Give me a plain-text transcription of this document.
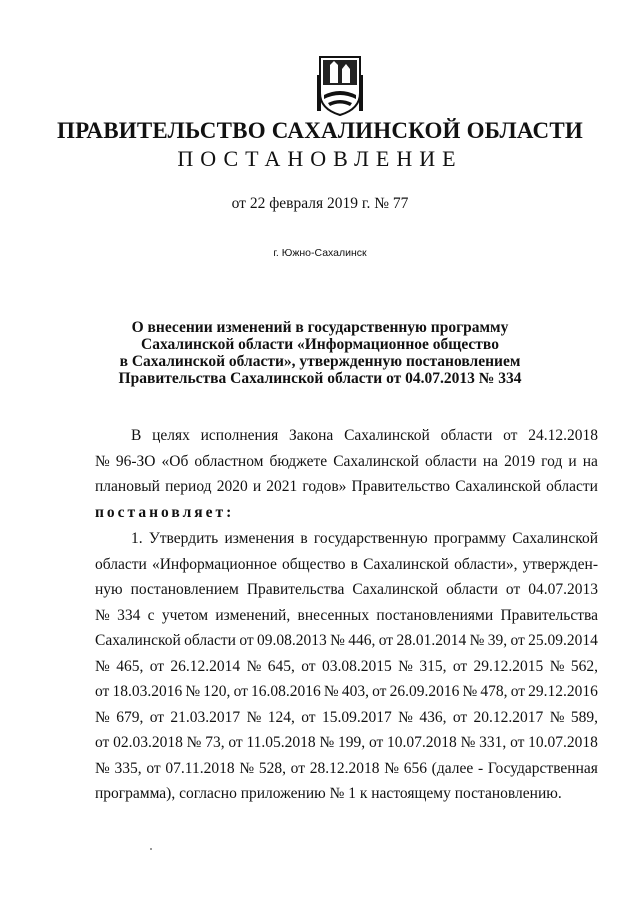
ПРАВИТЕЛЬСТВО САХАЛИНСКОЙ ОБЛАСТИ
ПОСТАНОВЛЕНИЕ
от 22 февраля 2019 г. № 77
г. Южно-Сахалинск
О внесении изменений в государственную программу
Сахалинской области «Информационное общество
в Сахалинской области», утвержденную постановлением
Правительства Сахалинской области от 04.07.2013 № 334
В целях исполнения Закона Сахалинской области от 24.12.2018
№ 96-ЗО «Об областном бюджете Сахалинской области на 2019 год и на
плановый период 2020 и 2021 годов» Правительство Сахалинской области
постановляет:
1. Утвердить изменения в государственную программу Сахалинской
области «Информационное общество в Сахалинской области», утвержден-
ную постановлением Правительства Сахалинской области от 04.07.2013
№ 334 с учетом изменений, внесенных постановлениями Правительства
Сахалинской области от 09.08.2013 № 446, от 28.01.2014 № 39, от 25.09.2014
№ 465, от 26.12.2014 № 645, от 03.08.2015 № 315, от 29.12.2015 № 562,
от 18.03.2016 № 120, от 16.08.2016 № 403, от 26.09.2016 № 478, от 29.12.2016
№ 679, от 21.03.2017 № 124, от 15.09.2017 № 436, от 20.12.2017 № 589,
от 02.03.2018 № 73, от 11.05.2018 № 199, от 10.07.2018 № 331, от 10.07.2018
№ 335, от 07.11.2018 № 528, от 28.12.2018 № 656 (далее - Государственная
программа), согласно приложению № 1 к настоящему постановлению.
